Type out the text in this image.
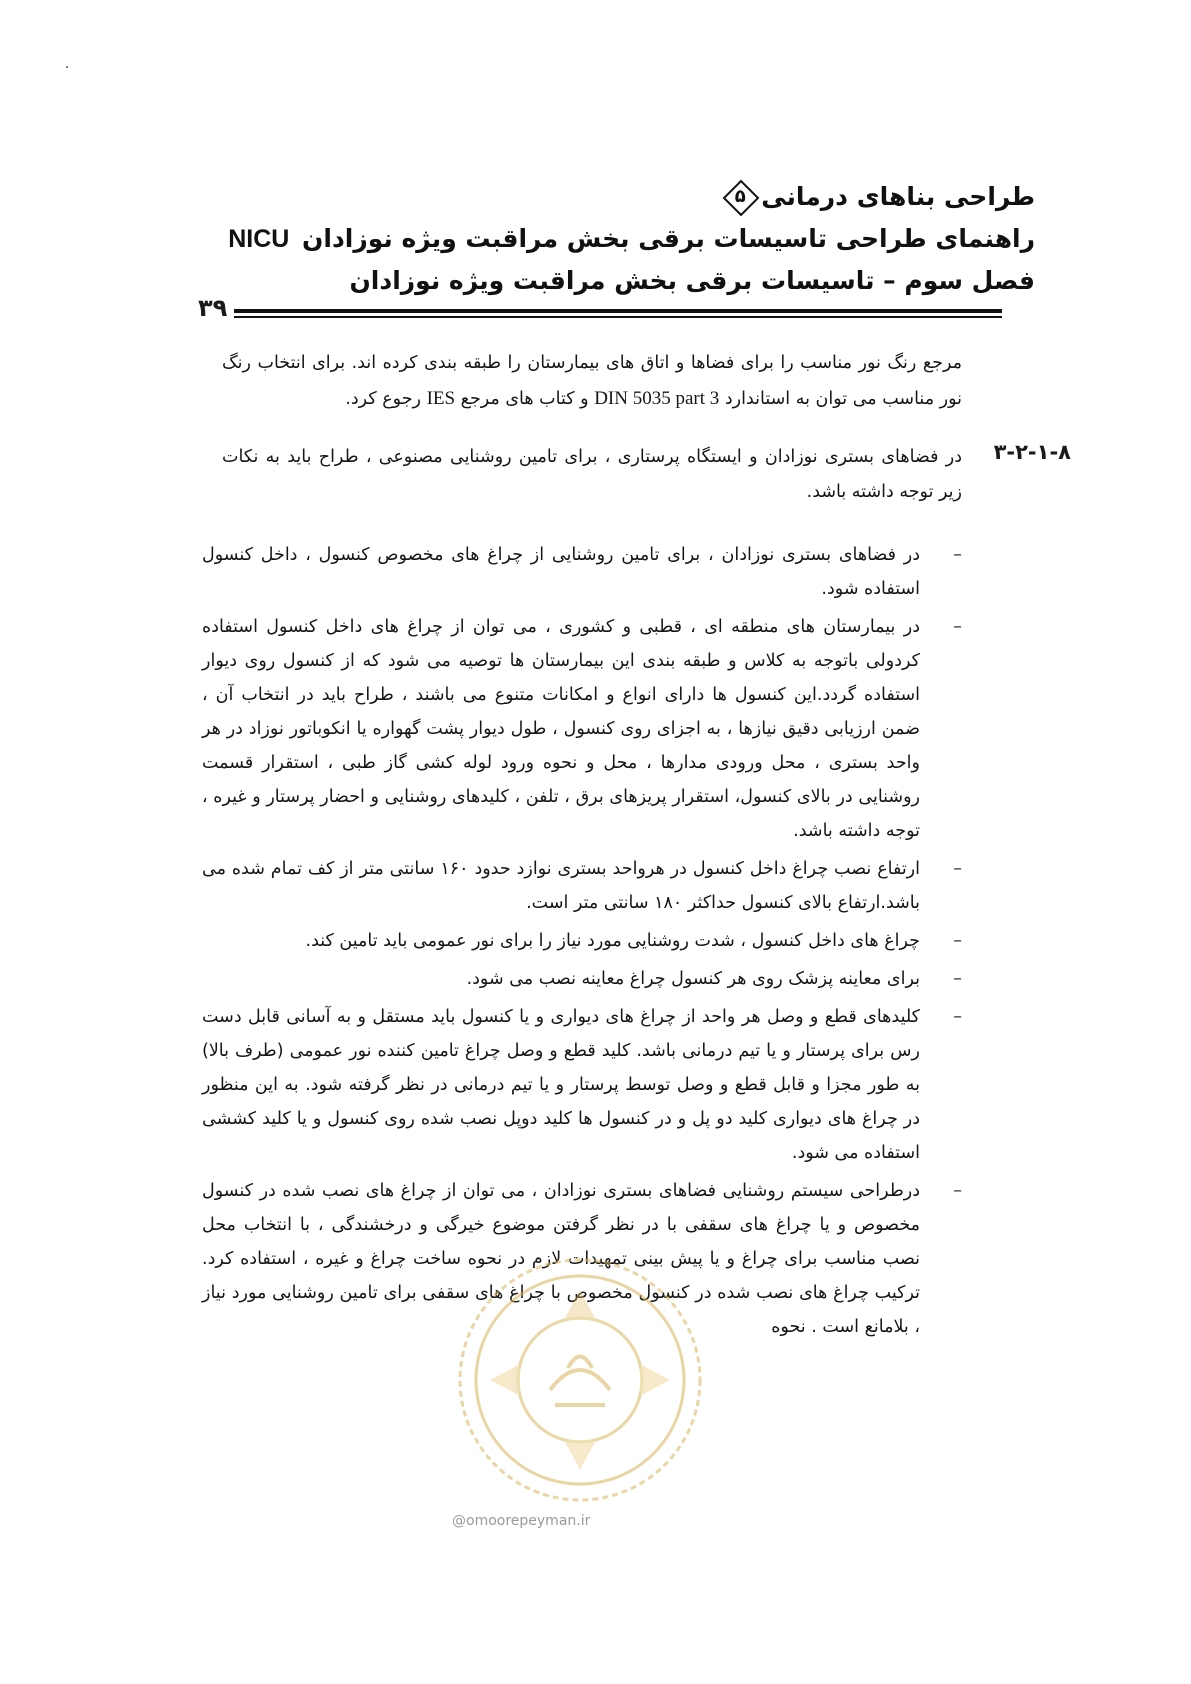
طراحی بناهای درمانی
۵
راهنمای طراحی تاسیسات برقی بخش مراقبت ویژه نوزادان NICU
فصل سوم – تاسیسات برقی بخش مراقبت ویژه نوزادان
۳۹

مرجع رنگ نور مناسب را برای فضاها و اتاق های بیمارستان را طبقه بندی کرده اند. برای انتخاب رنگ نور مناسب می توان به استاندارد DIN 5035 part 3 و کتاب های مرجع IES رجوع کرد.

۳-۲-۱-۸

در فضاهای بستری نوزادان و ایستگاه پرستاری ، برای تامین روشنایی مصنوعی ، طراح باید به نکات زیر توجه داشته باشد.

–
در فضاهای بستری نوزادان ، برای تامین روشنایی از چراغ های مخصوص کنسول ، داخل کنسول استفاده شود.
–
در بیمارستان های منطقه ای ، قطبی و کشوری ، می توان از چراغ های داخل کنسول استفاده کردولی باتوجه به کلاس و طبقه بندی این بیمارستان ها توصیه می شود که از کنسول روی دیوار استفاده گردد.این کنسول ها دارای انواع و امکانات متنوع می باشند ، طراح باید در انتخاب آن ، ضمن ارزیابی دقیق نیازها ، به اجزای روی کنسول ، طول دیوار پشت گهواره یا انکوباتور نوزاد در هر واحد بستری ، محل ورودی مدارها ، محل و نحوه ورود لوله کشی گاز طبی ، استقرار قسمت روشنایی در بالای کنسول، استقرار پریزهای برق ، تلفن ، کلیدهای روشنایی و احضار پرستار و غیره ، توجه داشته باشد.
–
ارتفاع نصب چراغ داخل کنسول در هرواحد بستری نوازد حدود ۱۶۰ سانتی متر از کف تمام شده می باشد.ارتفاع بالای کنسول حداکثر ۱۸۰ سانتی متر است.
–
چراغ های داخل کنسول ، شدت روشنایی مورد نیاز را برای نور عمومی باید تامین کند.
–
برای معاینه پزشک روی هر کنسول چراغ معاینه نصب می شود.
–
کلیدهای قطع و وصل هر واحد از چراغ های دیواری و یا کنسول باید مستقل و به آسانی قابل دست رس برای پرستار و یا تیم درمانی باشد. کلید قطع و وصل چراغ تامین کننده نور عمومی (طرف بالا) به طور مجزا و قابل قطع و وصل توسط پرستار و یا تیم درمانی در نظر گرفته شود. به این منظور در چراغ های دیواری کلید دو پل و در کنسول ها کلید دوپل نصب شده روی کنسول و یا کلید کششی استفاده می شود.
–
درطراحی سیستم روشنایی فضاهای بستری نوزادان ، می توان از چراغ های نصب شده در کنسول مخصوص و یا چراغ های سقفی با در نظر گرفتن موضوع خیرگی و درخشندگی ، با انتخاب محل نصب مناسب برای چراغ و یا پیش بینی تمهیدات لازم در نحوه ساخت چراغ و غیره ، استفاده کرد. ترکیب چراغ های نصب شده در کنسول مخصوص با چراغ های سقفی برای تامین روشنایی مورد نیاز ، بلامانع است . نحوه
@omoorepeyman.ir
